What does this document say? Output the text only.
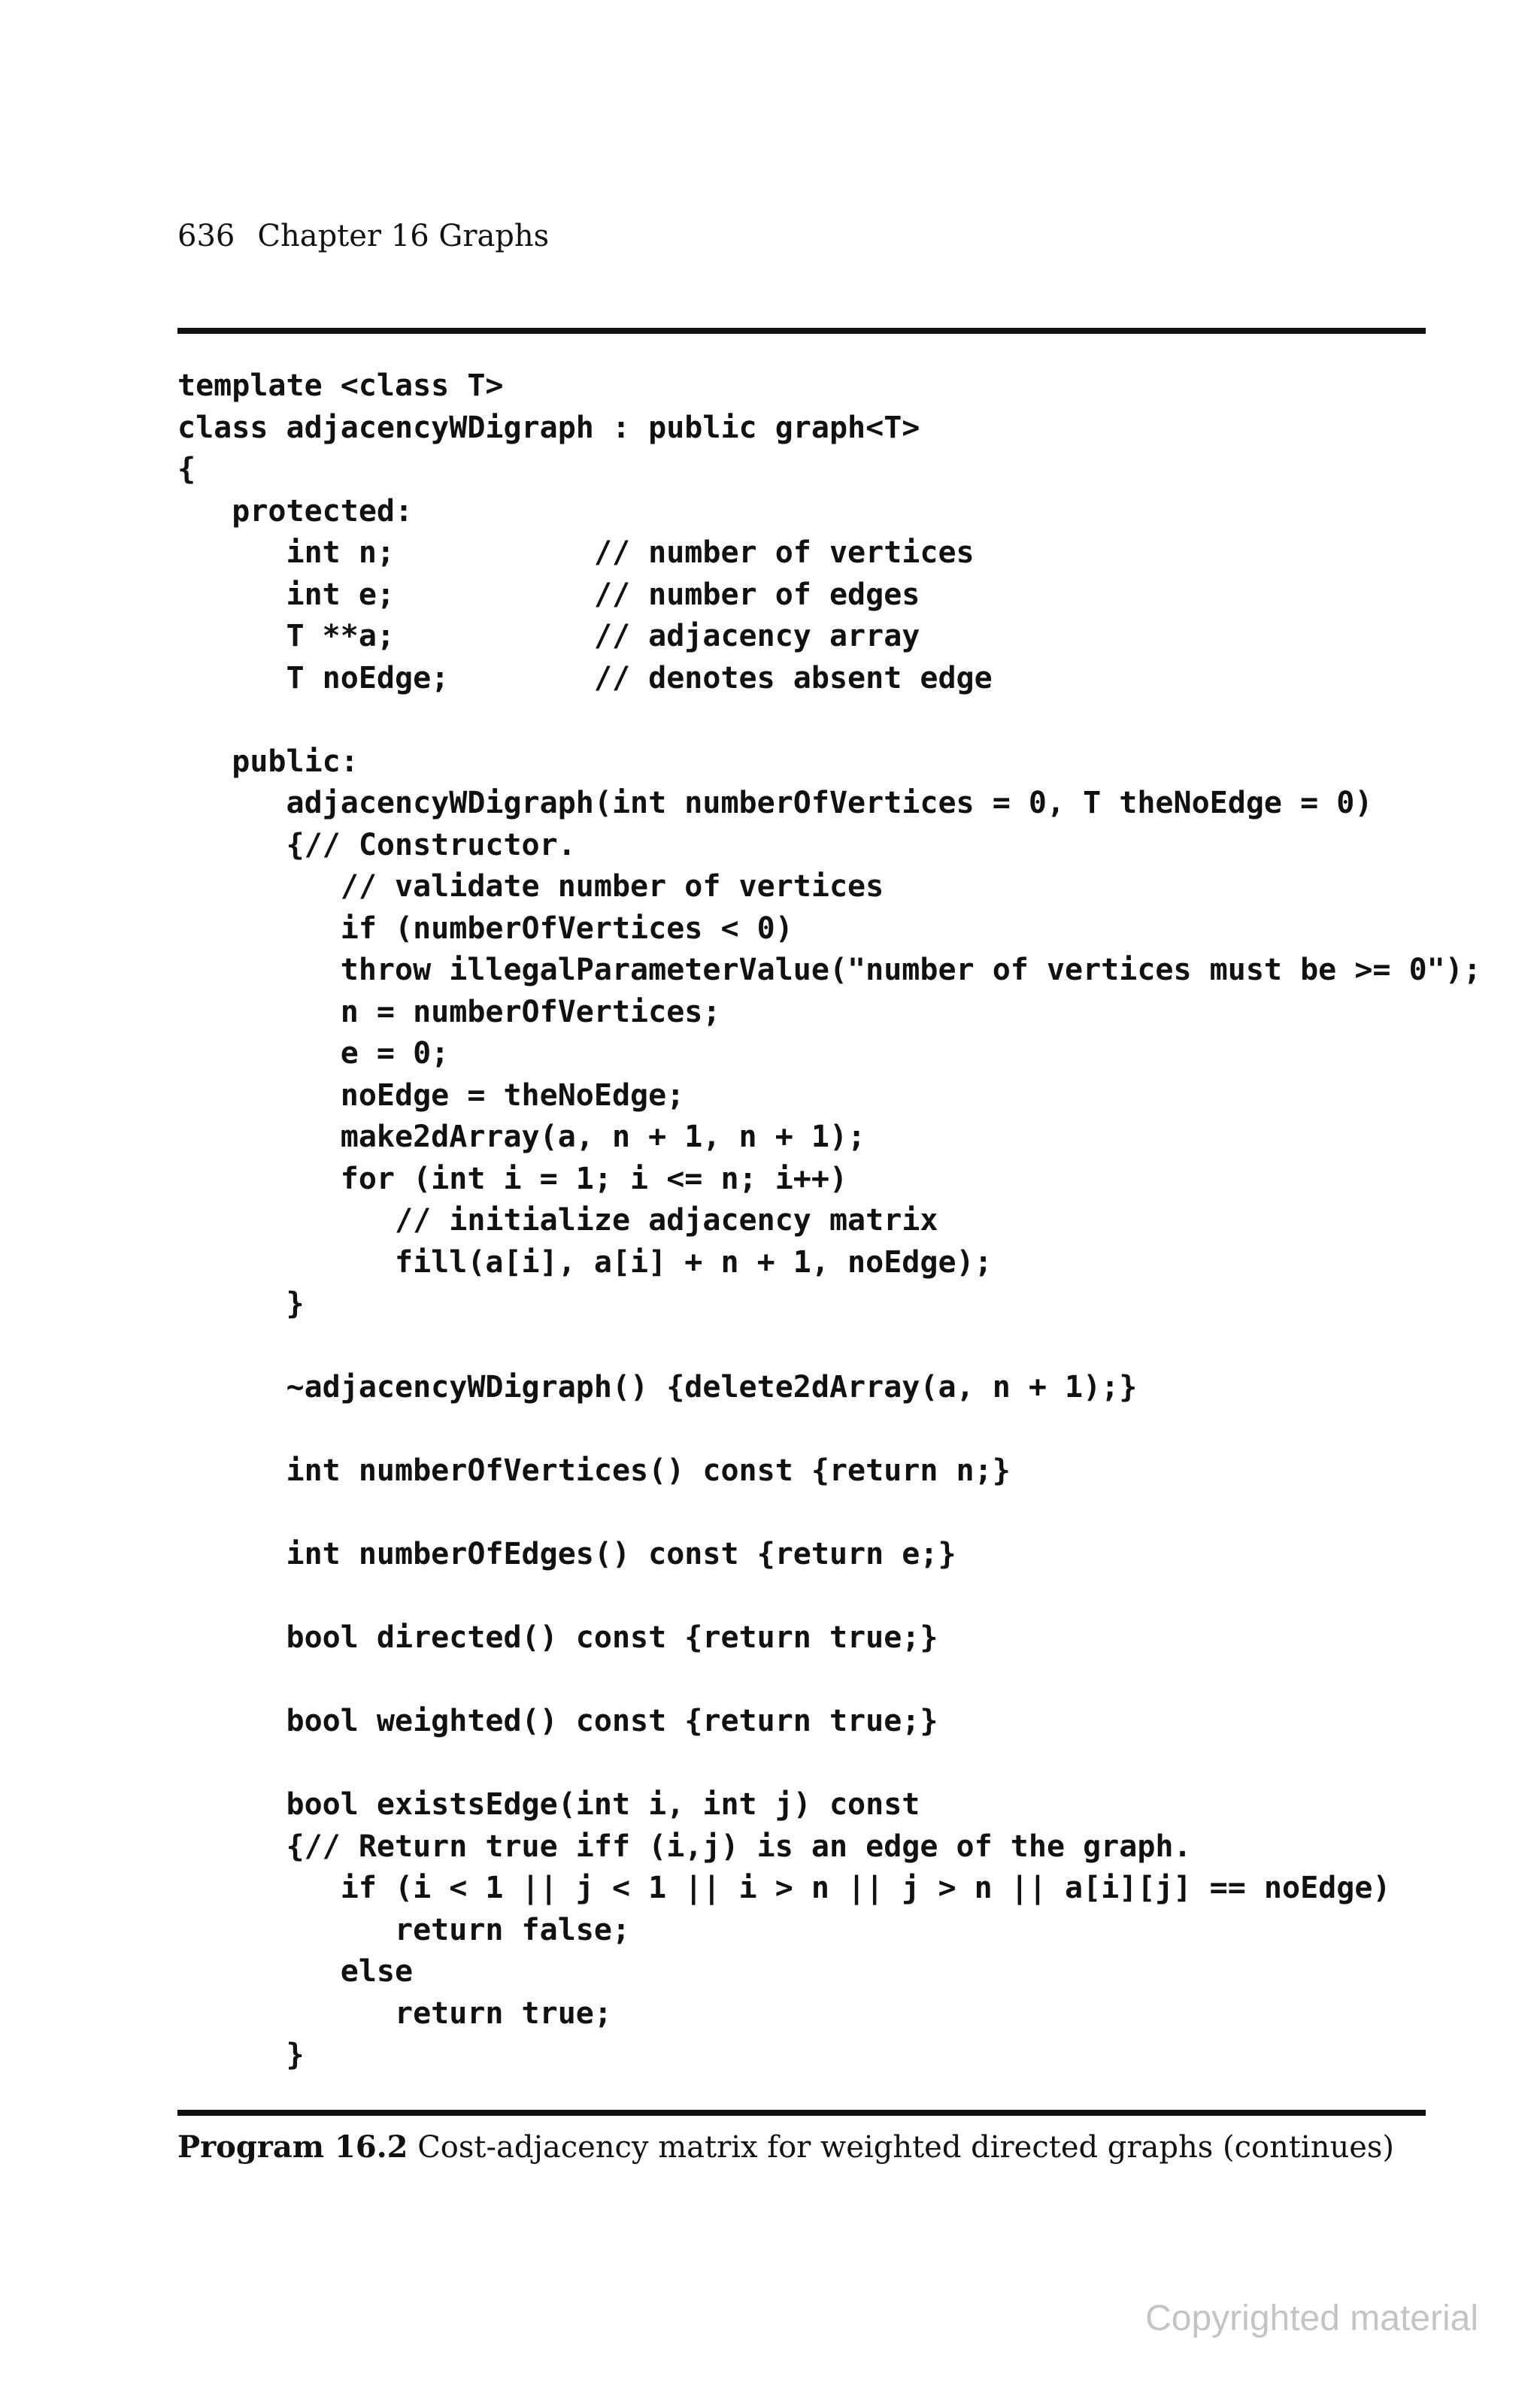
636 Chapter 16 Graphs
template <class T>
class adjacencyWDigraph : public graph<T>
{
protected:
int n;           // number of vertices
int e;           // number of edges
T **a;           // adjacency array
T noEdge;        // denotes absent edge
public:
adjacencyWDigraph(int numberOfVertices = 0, T theNoEdge = 0)
{// Constructor.
// validate number of vertices
if (numberOfVertices < 0)
throw illegalParameterValue("number of vertices must be >= 0");
n = numberOfVertices;
e = 0;
noEdge = theNoEdge;
make2dArray(a, n + 1, n + 1);
for (int i = 1; i <= n; i++)
// initialize adjacency matrix
fill(a[i], a[i] + n + 1, noEdge);
}
~adjacencyWDigraph() {delete2dArray(a, n + 1);}
int numberOfVertices() const {return n;}
int numberOfEdges() const {return e;}
bool directed() const {return true;}
bool weighted() const {return true;}
bool existsEdge(int i, int j) const
{// Return true iff (i,j) is an edge of the graph.
if (i < 1 || j < 1 || i > n || j > n || a[i][j] == noEdge)
return false;
else
return true;
}
Program 16.2 Cost-adjacency matrix for weighted directed graphs (continues)
Copyrighted material
